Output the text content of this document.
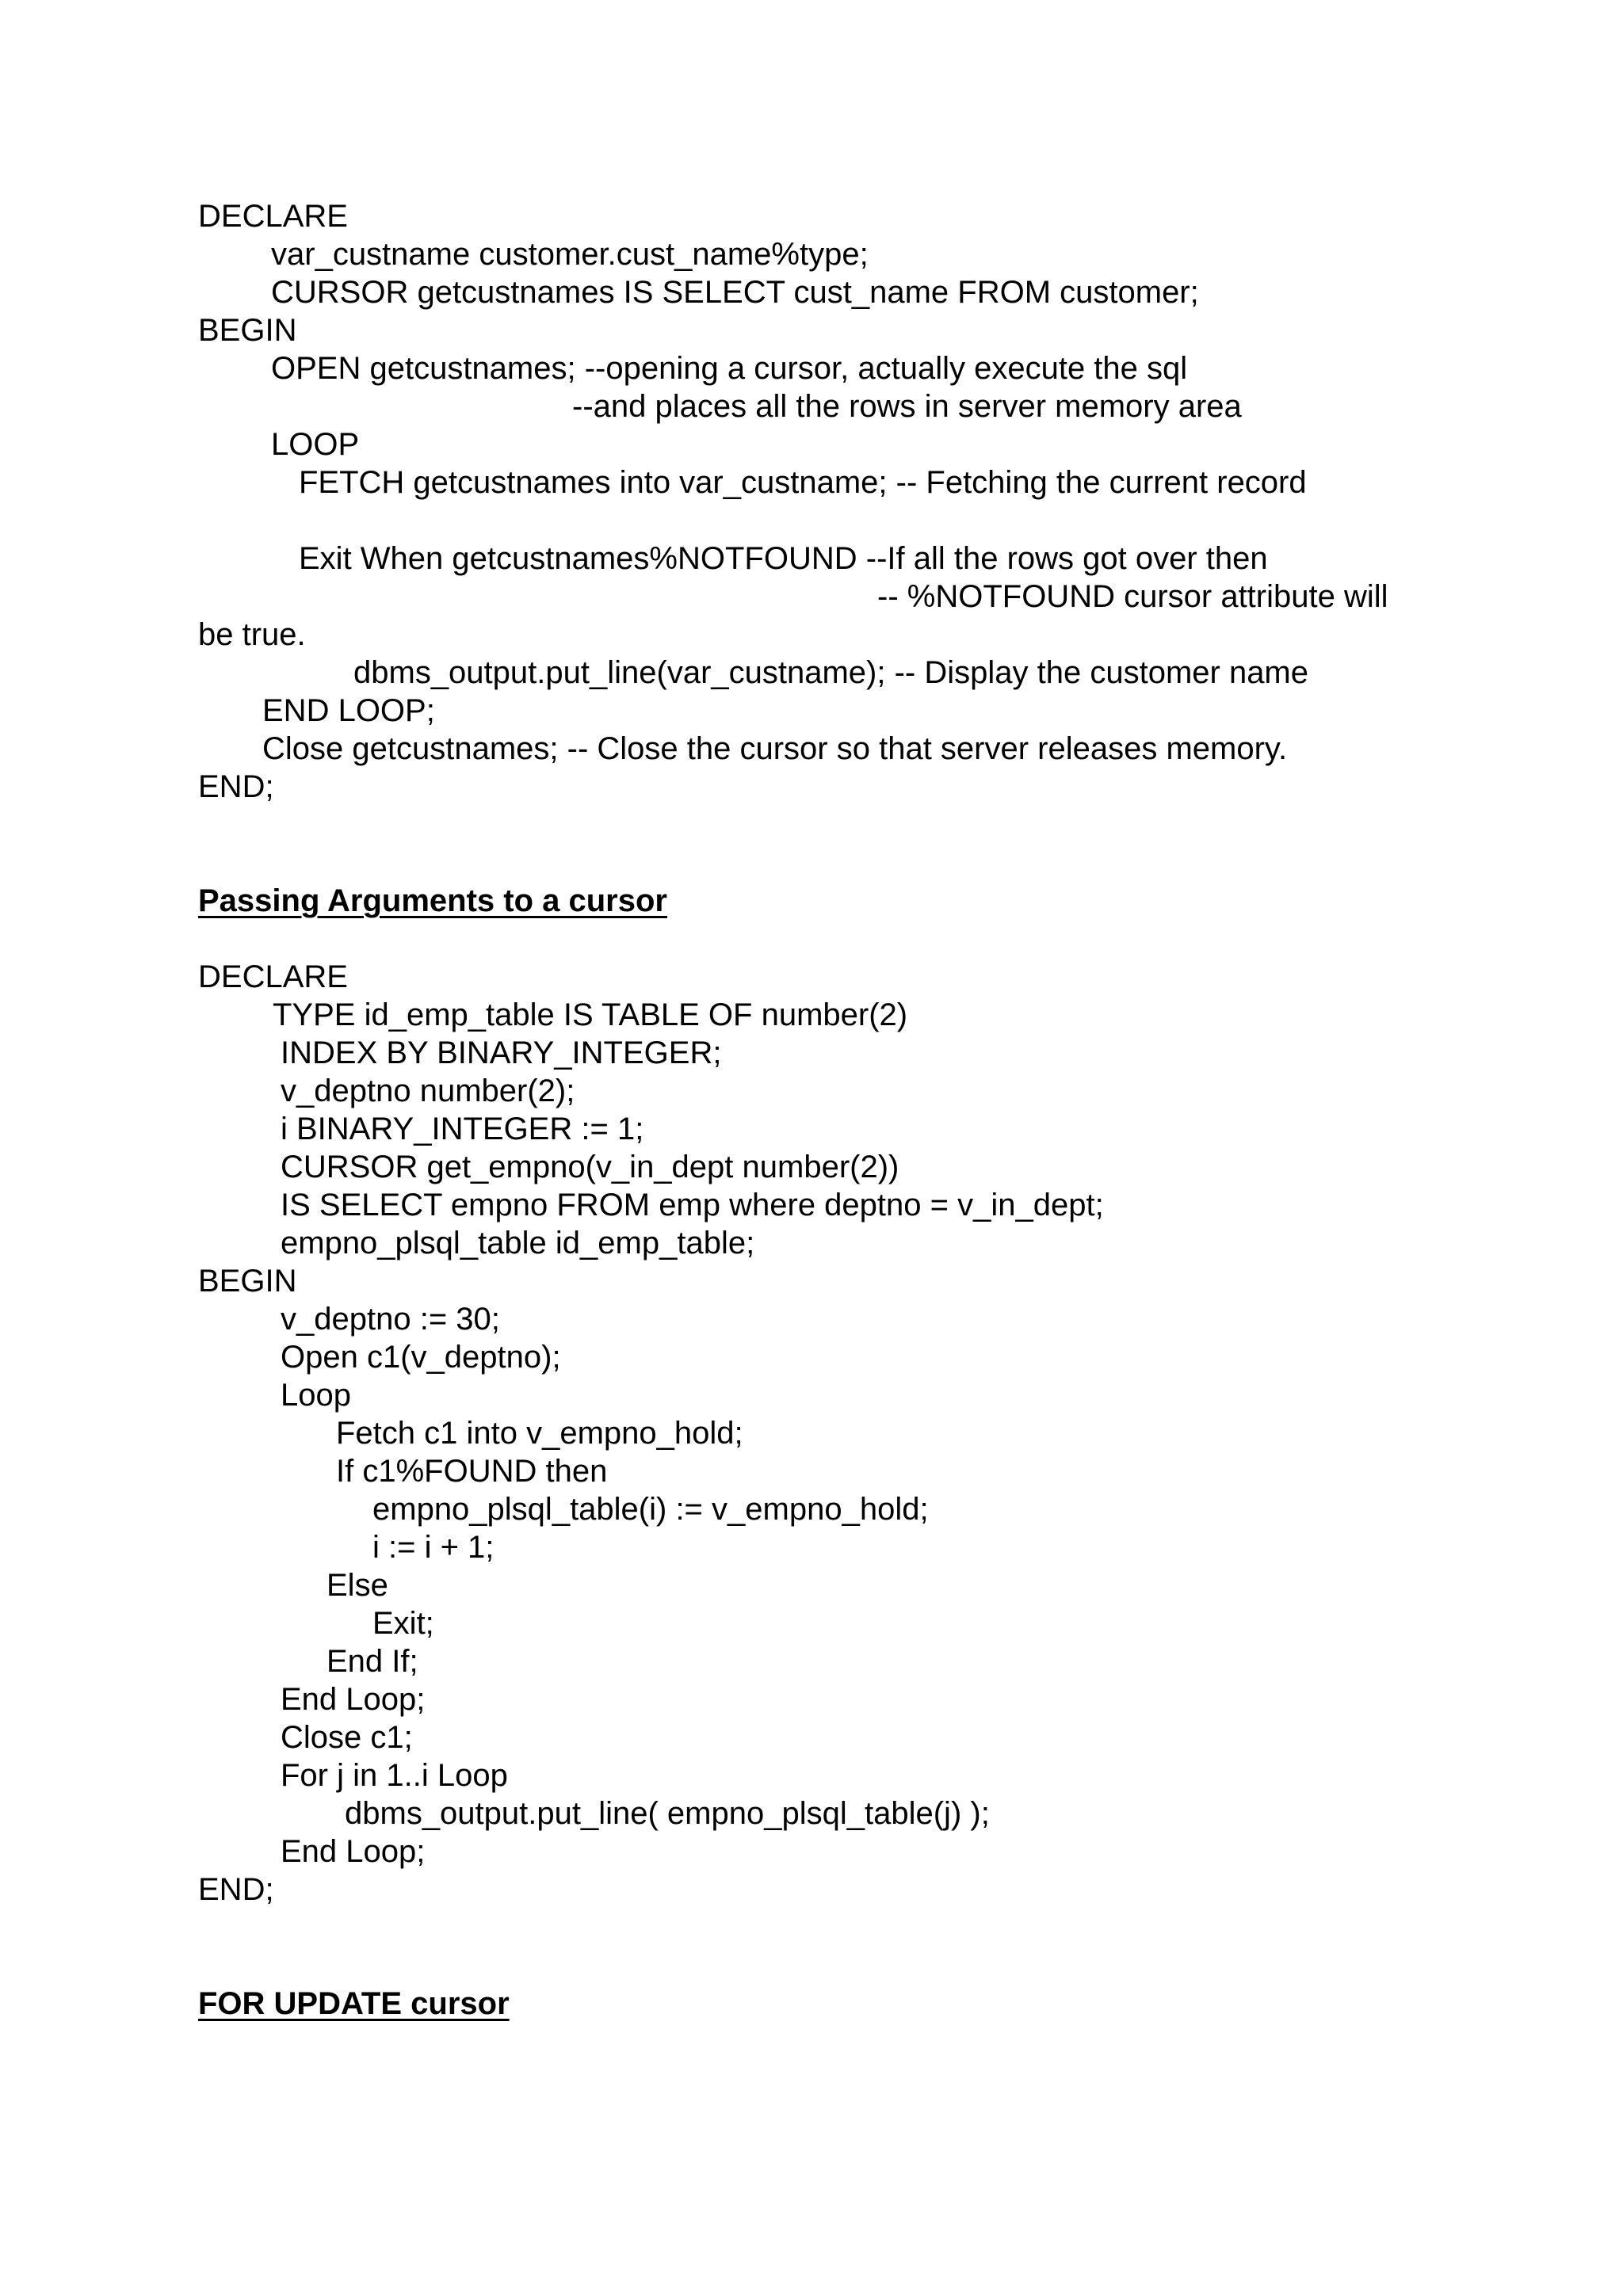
DECLARE
var_custname customer.cust_name%type;
CURSOR getcustnames IS SELECT cust_name FROM customer;
BEGIN
OPEN getcustnames; --opening a cursor, actually execute the sql
--and places all the rows in server memory area
LOOP
FETCH getcustnames into var_custname; -- Fetching the current record
Exit When getcustnames%NOTFOUND --If all the rows got over then
-- %NOTFOUND cursor attribute will
be true.
dbms_output.put_line(var_custname); -- Display the customer name
END LOOP;
Close getcustnames; -- Close the cursor so that server releases memory.
END;
Passing Arguments to a cursor
DECLARE
TYPE id_emp_table IS TABLE OF number(2)
INDEX BY BINARY_INTEGER;
v_deptno number(2);
i BINARY_INTEGER := 1;
CURSOR get_empno(v_in_dept number(2))
IS SELECT empno FROM emp where deptno = v_in_dept;
empno_plsql_table id_emp_table;
BEGIN
v_deptno := 30;
Open c1(v_deptno);
Loop
Fetch c1 into v_empno_hold;
If c1%FOUND then
empno_plsql_table(i) := v_empno_hold;
i := i + 1;
Else
Exit;
End If;
End Loop;
Close c1;
For j in 1..i Loop
dbms_output.put_line( empno_plsql_table(j) );
End Loop;
END;
FOR UPDATE cursor
